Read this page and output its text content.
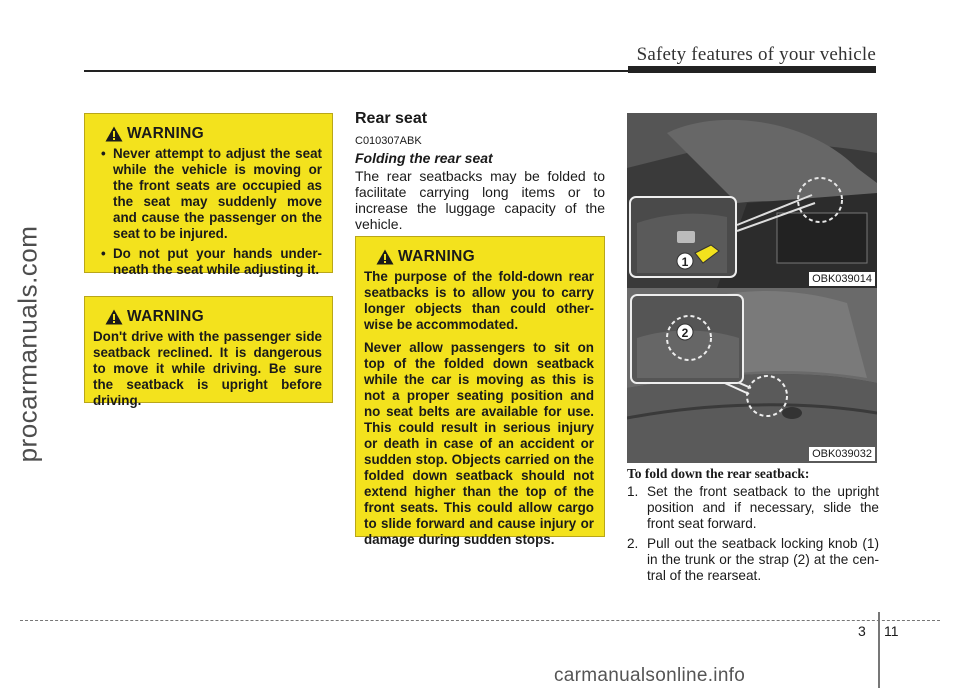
Safety features of your vehicle
procarmanuals.com
WARNING
• Never attempt to adjust the seat while the vehicle is moving or the front seats are occupied as the seat may suddenly move and cause the passenger on the seat to be injured.
• Do not put your hands under-neath the seat while adjusting it.
WARNING

Don't drive with the passenger side seatback reclined. It is dangerous to move it while driving. Be sure the seatback is upright before driving.

Rear seat
C010307ABK
Folding the rear seat
The rear seatbacks may be folded to facilitate carrying long items or to increase the luggage capacity of the vehicle.
WARNING

The purpose of the fold-down rear seatbacks is to allow you to carry longer objects than could other-wise be accommodated.

Never allow passengers to sit on top of the folded down seatback while the car is moving as this is not a proper seating position and no seat belts are available for use. This could result in serious injury or death in case of an accident or sudden stop. Objects carried on the folded down seatback should not extend higher than the top of the front seats. This could allow cargo to slide forward and cause injury or damage during sudden stops.

1
OBK039014
2
OBK039032
To fold down the rear seatback:
1. Set the front seatback to the upright position and if necessary, slide the front seat forward.
2. Pull out the seatback locking knob (1) in the trunk or the strap (2) at the cen-tral of the rearseat.
3 11
carmanualsonline.info
